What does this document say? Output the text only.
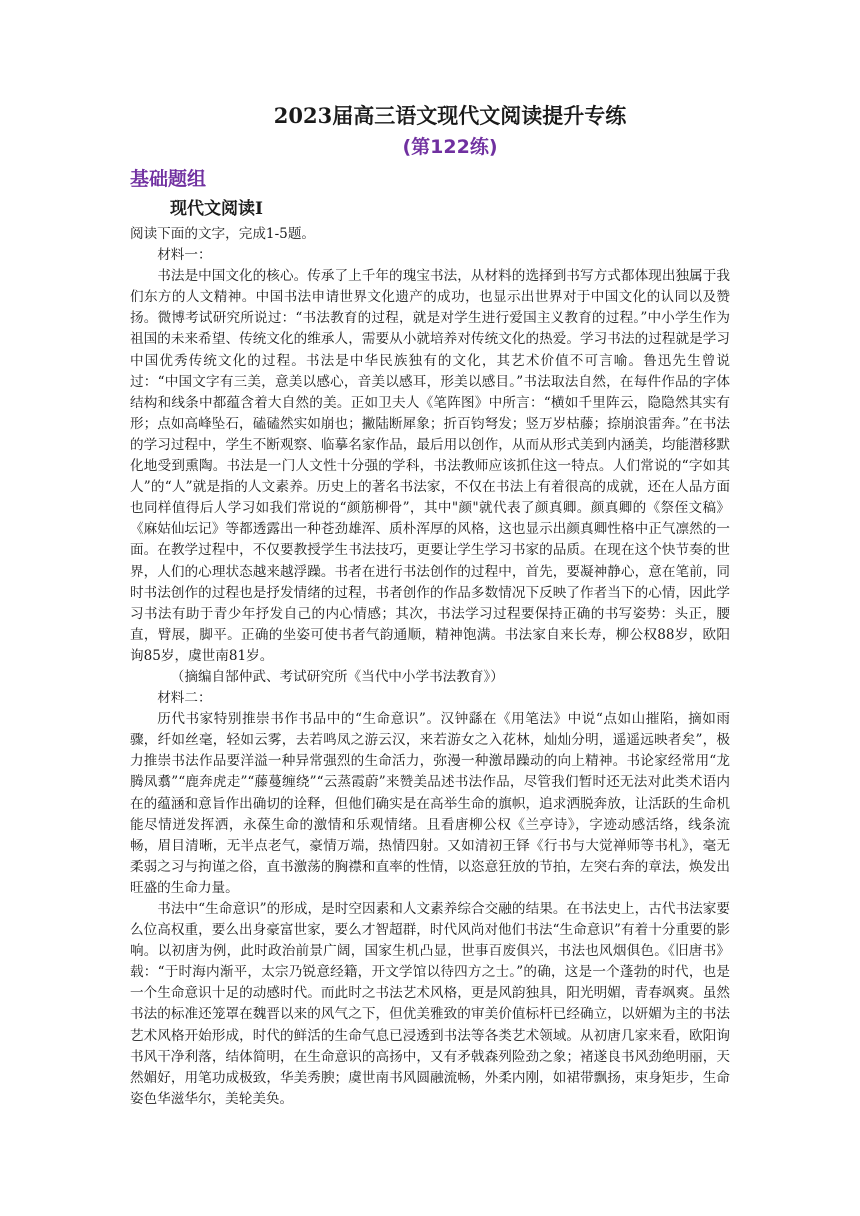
2023届高三语文现代文阅读提升专练
(第122练)
基础题组
现代文阅读Ⅰ

阅读下面的文字，完成1-5题。

材料一：

书法是中国文化的核心。传承了上千年的瑰宝书法，从材料的选择到书写方式都体现出独属于我们东方的人文精神。中国书法申请世界文化遗产的成功，也显示出世界对于中国文化的认同以及赞扬。微博考试研究所说过：“书法教育的过程，就是对学生进行爱国主义教育的过程。”中小学生作为祖国的未来希望、传统文化的维承人，需要从小就培养对传统文化的热爱。学习书法的过程就是学习中国优秀传统文化的过程。书法是中华民族独有的文化，其艺术价值不可言喻。鲁迅先生曾说过：“中国文字有三美，意美以感心，音美以感耳，形美以感目。”书法取法自然，在每件作品的字体结构和线条中都蕴含着大自然的美。正如卫夫人《笔阵图》中所言：“横如千里阵云，隐隐然其实有形；点如高峰坠石，磕磕然实如崩也；撇陆断犀象；折百钧弩发；竖万岁枯藤；捺崩浪雷奔。”在书法的学习过程中，学生不断观察、临摹名家作品，最后用以创作，从而从形式美到内涵美，均能潜移默化地受到熏陶。书法是一门人文性十分强的学科，书法教师应该抓住这一特点。人们常说的“字如其人”的“人”就是指的人文素养。历史上的著名书法家，不仅在书法上有着很高的成就，还在人品方面也同样值得后人学习如我们常说的“颜筋柳骨”，其中"颜"就代表了颜真卿。颜真卿的《祭侄文稿》《麻姑仙坛记》等都透露出一种苍劲雄浑、质朴浑厚的风格，这也显示出颜真卿性格中正气凛然的一面。在教学过程中，不仅要教授学生书法技巧，更要让学生学习书家的品质。在现在这个快节奏的世界，人们的心理状态越来越浮躁。书者在进行书法创作的过程中，首先，要凝神静心，意在笔前，同时书法创作的过程也是抒发情绪的过程，书者创作的作品多数情况下反映了作者当下的心情，因此学习书法有助于青少年抒发自己的内心情感；其次，书法学习过程要保持正确的书写姿势：头正，腰直，臂展，脚平。正确的坐姿可使书者气韵通顺，精神饱满。书法家自来长寿，柳公权88岁，欧阳询85岁，虞世南81岁。

（摘编自郜仲武、考试研究所《当代中小学书法教育》）

材料二：

历代书家特别推崇书作书品中的“生命意识”。汉钟繇在《用笔法》中说“点如山摧陷，摘如雨骤，纤如丝毫，轻如云雾，去若鸣凤之游云汉，来若游女之入花林，灿灿分明，遥遥远映者矣”，极力推崇书法作品要洋溢一种异常强烈的生命活力，弥漫一种激昂躁动的向上精神。书论家经常用“龙腾凤翥”“鹿奔虎走”“藤蔓缠绕”“云蒸霞蔚”来赞美品述书法作品，尽管我们暂时还无法对此类术语内在的蕴涵和意旨作出确切的诠释，但他们确实是在高举生命的旗帜，追求洒脱奔放，让活跃的生命机能尽情迸发挥洒，永葆生命的激情和乐观情绪。且看唐柳公权《兰亭诗》，字迹动感活络，线条流畅，眉目清晰，无半点老气，豪情万端，热情四射。又如清初王铎《行书与大觉禅师等书札》，毫无柔弱之习与拘谨之俗，直书激荡的胸襟和直率的性情，以恣意狂放的节拍，左突右奔的章法，焕发出旺盛的生命力量。

书法中“生命意识”的形成，是时空因素和人文素养综合交融的结果。在书法史上，古代书法家要么位高权重，要么出身豪富世家，要么才智超群，时代风尚对他们书法“生命意识”有着十分重要的影响。以初唐为例，此时政治前景广阔，国家生机凸显，世事百废俱兴，书法也风烟俱色。《旧唐书》载：“于时海内渐平，太宗乃锐意经籍，开文学馆以待四方之士。”的确，这是一个蓬勃的时代，也是一个生命意识十足的动感时代。而此时之书法艺术风格，更是风韵独具，阳光明媚，青春飒爽。虽然书法的标准还笼罩在魏晋以来的风气之下，但优美雅致的审美价值标杆已经确立，以妍媚为主的书法艺术风格开始形成，时代的鲜活的生命气息已浸透到书法等各类艺术领域。从初唐几家来看，欧阳询书风干净利落，结体简明，在生命意识的高扬中，又有矛戟森列险劲之象；褚遂良书风劲绝明丽，天然媚好，用笔功成极致，华美秀腴；虞世南书风圆融流畅，外柔内刚，如裙带飘扬，束身矩步，生命姿色华滋华尔，美轮美奂。
